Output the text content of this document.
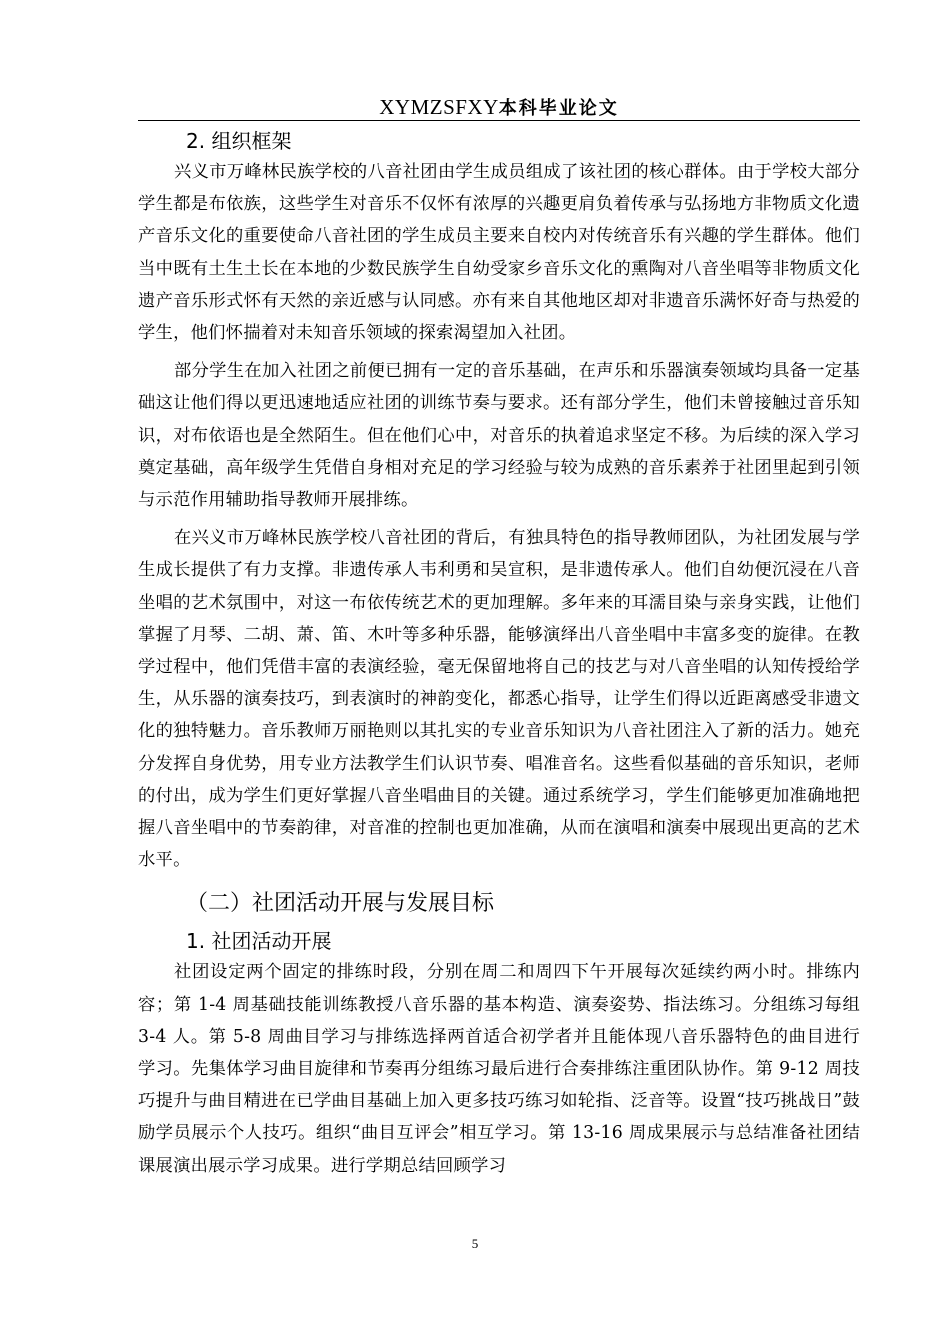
XYMZSFXY本科毕业论文
2. 组织框架

兴义市万峰林民族学校的八音社团由学生成员组成了该社团的核心群体。由于学校大部分学生都是布依族，这些学生对音乐不仅怀有浓厚的兴趣更肩负着传承与弘扬地方非物质文化遗产音乐文化的重要使命八音社团的学生成员主要来自校内对传统音乐有兴趣的学生群体。他们当中既有土生土长在本地的少数民族学生自幼受家乡音乐文化的熏陶对八音坐唱等非物质文化遗产音乐形式怀有天然的亲近感与认同感。亦有来自其他地区却对非遗音乐满怀好奇与热爱的学生，他们怀揣着对未知音乐领域的探索渴望加入社团。

部分学生在加入社团之前便已拥有一定的音乐基础，在声乐和乐器演奏领域均具备一定基础这让他们得以更迅速地适应社团的训练节奏与要求。还有部分学生，他们未曾接触过音乐知识，对布依语也是全然陌生。但在他们心中，对音乐的执着追求坚定不移。为后续的深入学习奠定基础，高年级学生凭借自身相对充足的学习经验与较为成熟的音乐素养于社团里起到引领与示范作用辅助指导教师开展排练。

在兴义市万峰林民族学校八音社团的背后，有独具特色的指导教师团队，为社团发展与学生成长提供了有力支撑。非遗传承人韦利勇和吴宣积，是非遗传承人。他们自幼便沉浸在八音坐唱的艺术氛围中，对这一布依传统艺术的更加理解。多年来的耳濡目染与亲身实践，让他们掌握了月琴、二胡、萧、笛、木叶等多种乐器，能够演绎出八音坐唱中丰富多变的旋律。在教学过程中，他们凭借丰富的表演经验，毫无保留地将自己的技艺与对八音坐唱的认知传授给学生，从乐器的演奏技巧，到表演时的神韵变化，都悉心指导，让学生们得以近距离感受非遗文化的独特魅力。音乐教师万丽艳则以其扎实的专业音乐知识为八音社团注入了新的活力。她充分发挥自身优势，用专业方法教学生们认识节奏、唱准音名。这些看似基础的音乐知识，老师的付出，成为学生们更好掌握八音坐唱曲目的关键。通过系统学习，学生们能够更加准确地把握八音坐唱中的节奏韵律，对音准的控制也更加准确，从而在演唱和演奏中展现出更高的艺术水平。

（二）社团活动开展与发展目标
1. 社团活动开展

社团设定两个固定的排练时段，分别在周二和周四下午开展每次延续约两小时。排练内容；第 1-4 周基础技能训练教授八音乐器的基本构造、演奏姿势、指法练习。分组练习每组 3-4 人。第 5-8 周曲目学习与排练选择两首适合初学者并且能体现八音乐器特色的曲目进行学习。先集体学习曲目旋律和节奏再分组练习最后进行合奏排练注重团队协作。第 9-12 周技巧提升与曲目精进在已学曲目基础上加入更多技巧练习如轮指、泛音等。设置“技巧挑战日”鼓励学员展示个人技巧。组织“曲目互评会”相互学习。第 13-16 周成果展示与总结准备社团结课展演出展示学习成果。进行学期总结回顾学习

5
